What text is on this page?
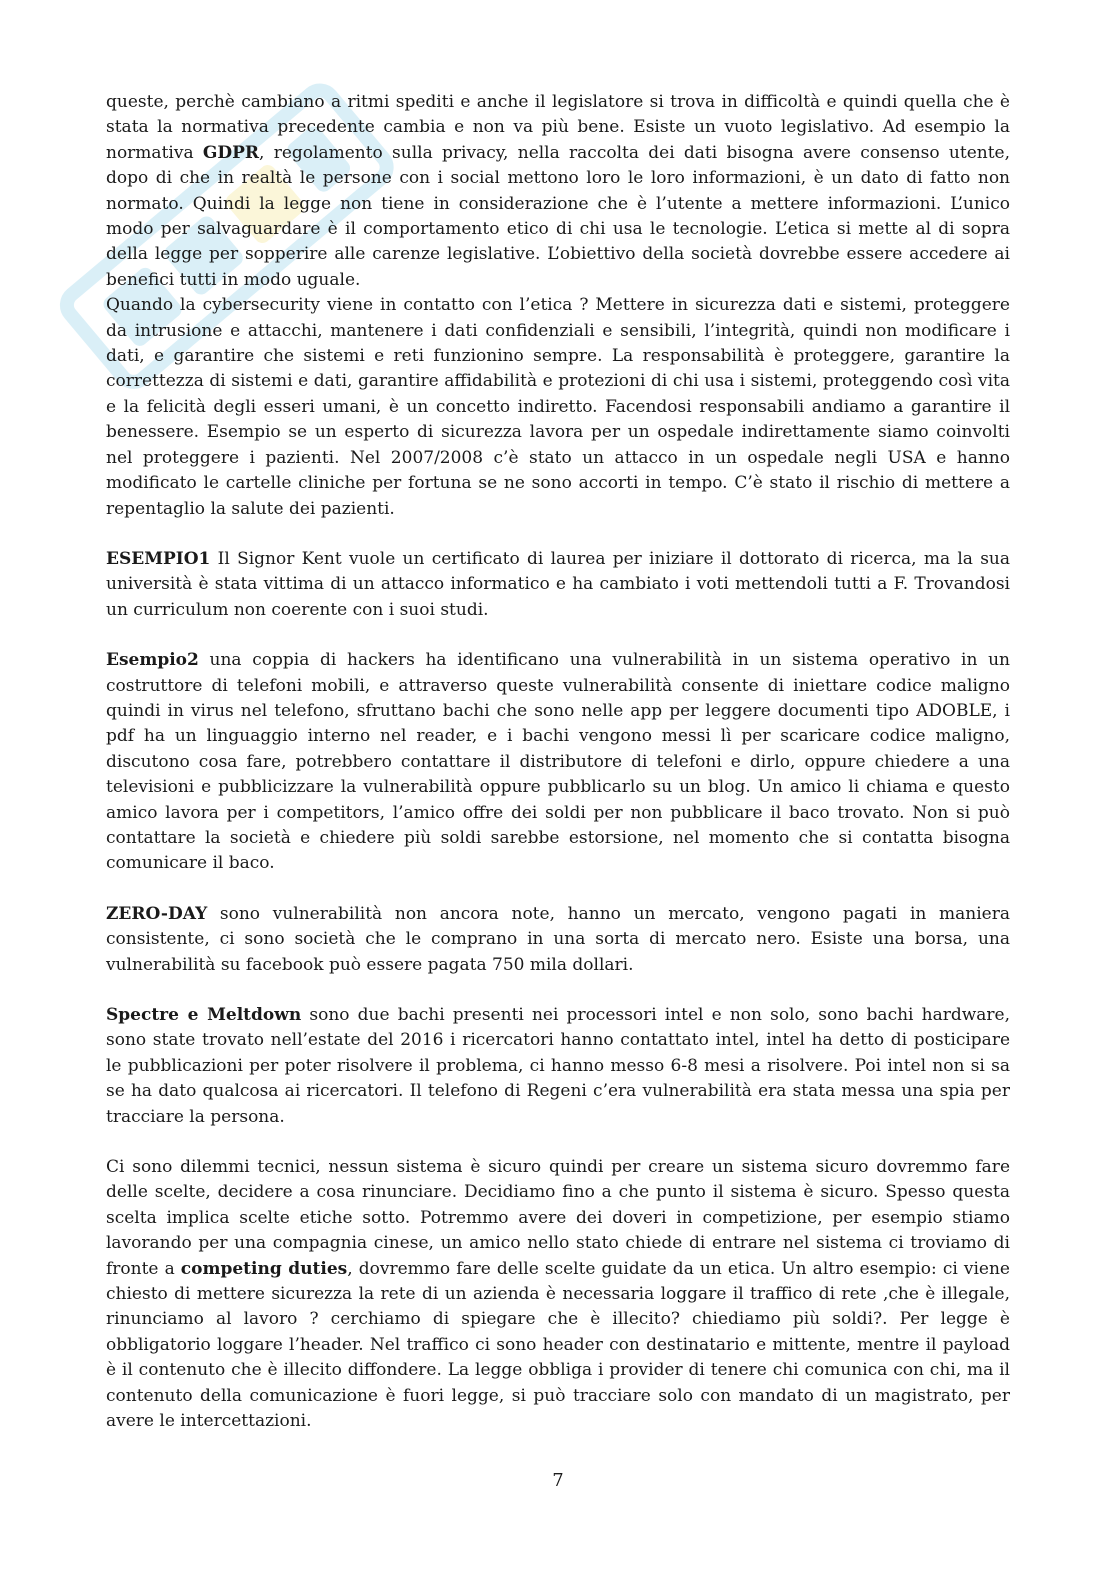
queste, perchè cambiano a ritmi spediti e anche il legislatore si trova in difficoltà e quindi quella che è stata la normativa precedente cambia e non va più bene. Esiste un vuoto legislativo. Ad esempio la normativa GDPR, regolamento sulla privacy, nella raccolta dei dati bisogna avere consenso utente, dopo di che in realtà le persone con i social mettono loro le loro informazioni, è un dato di fatto non normato. Quindi la legge non tiene in considerazione che è l’utente a mettere informazioni. L’unico modo per salvaguardare è il comportamento etico di chi usa le tecnologie. L’etica si mette al di sopra della legge per sopperire alle carenze legislative. L’obiettivo della società dovrebbe essere accedere ai benefici tutti in modo uguale.

Quando la cybersecurity viene in contatto con l’etica ? Mettere in sicurezza dati e sistemi, proteggere da intrusione e attacchi, mantenere i dati confidenziali e sensibili, l’integrità, quindi non modificare i dati, e garantire che sistemi e reti funzionino sempre. La responsabilità è proteggere, garantire la correttezza di sistemi e dati, garantire affidabilità e protezioni di chi usa i sistemi, proteggendo così vita e la felicità degli esseri umani, è un concetto indiretto. Facendosi responsabili andiamo a garantire il benessere. Esempio se un esperto di sicurezza lavora per un ospedale indirettamente siamo coinvolti nel proteggere i pazienti. Nel 2007/2008 c’è stato un attacco in un ospedale negli USA e hanno modificato le cartelle cliniche per fortuna se ne sono accorti in tempo. C’è stato il rischio di mettere a repentaglio la salute dei pazienti.

ESEMPIO1 Il Signor Kent vuole un certificato di laurea per iniziare il dottorato di ricerca, ma la sua università è stata vittima di un attacco informatico e ha cambiato i voti mettendoli tutti a F. Trovandosi un curriculum non coerente con i suoi studi.

Esempio2 una coppia di hackers ha identificano una vulnerabilità in un sistema operativo in un costruttore di telefoni mobili, e attraverso queste vulnerabilità consente di iniettare codice maligno quindi in virus nel telefono, sfruttano bachi che sono nelle app per leggere documenti tipo ADOBLE, i pdf ha un linguaggio interno nel reader, e i bachi vengono messi lì per scaricare codice maligno, discutono cosa fare, potrebbero contattare il distributore di telefoni e dirlo, oppure chiedere a una televisioni e pubblicizzare la vulnerabilità oppure pubblicarlo su un blog. Un amico li chiama e questo amico lavora per i competitors, l’amico offre dei soldi per non pubblicare il baco trovato. Non si può contattare la società e chiedere più soldi sarebbe estorsione, nel momento che si contatta bisogna comunicare il baco.

ZERO-DAY sono vulnerabilità non ancora note, hanno un mercato, vengono pagati in maniera consistente, ci sono società che le comprano in una sorta di mercato nero. Esiste una borsa, una vulnerabilità su facebook può essere pagata 750 mila dollari.

Spectre e Meltdown sono due bachi presenti nei processori intel e non solo, sono bachi hardware, sono state trovato nell’estate del 2016 i ricercatori hanno contattato intel, intel ha detto di posticipare le pubblicazioni per poter risolvere il problema, ci hanno messo 6-8 mesi a risolvere. Poi intel non si sa se ha dato qualcosa ai ricercatori. Il telefono di Regeni c’era vulnerabilità era stata messa una spia per tracciare la persona.

Ci sono dilemmi tecnici, nessun sistema è sicuro quindi per creare un sistema sicuro dovremmo fare delle scelte, decidere a cosa rinunciare. Decidiamo fino a che punto il sistema è sicuro. Spesso questa scelta implica scelte etiche sotto. Potremmo avere dei doveri in competizione, per esempio stiamo lavorando per una compagnia cinese, un amico nello stato chiede di entrare nel sistema ci troviamo di fronte a competing duties, dovremmo fare delle scelte guidate da un etica. Un altro esempio: ci viene chiesto di mettere sicurezza la rete di un azienda è necessaria loggare il traffico di rete ,che è illegale, rinunciamo al lavoro ? cerchiamo di spiegare che è illecito? chiediamo più soldi?. Per legge è obbligatorio loggare l’header. Nel traffico ci sono header con destinatario e mittente, mentre il payload è il contenuto che è illecito diffondere. La legge obbliga i provider di tenere chi comunica con chi, ma il contenuto della comunicazione è fuori legge, si può tracciare solo con mandato di un magistrato, per avere le intercettazioni.

7
